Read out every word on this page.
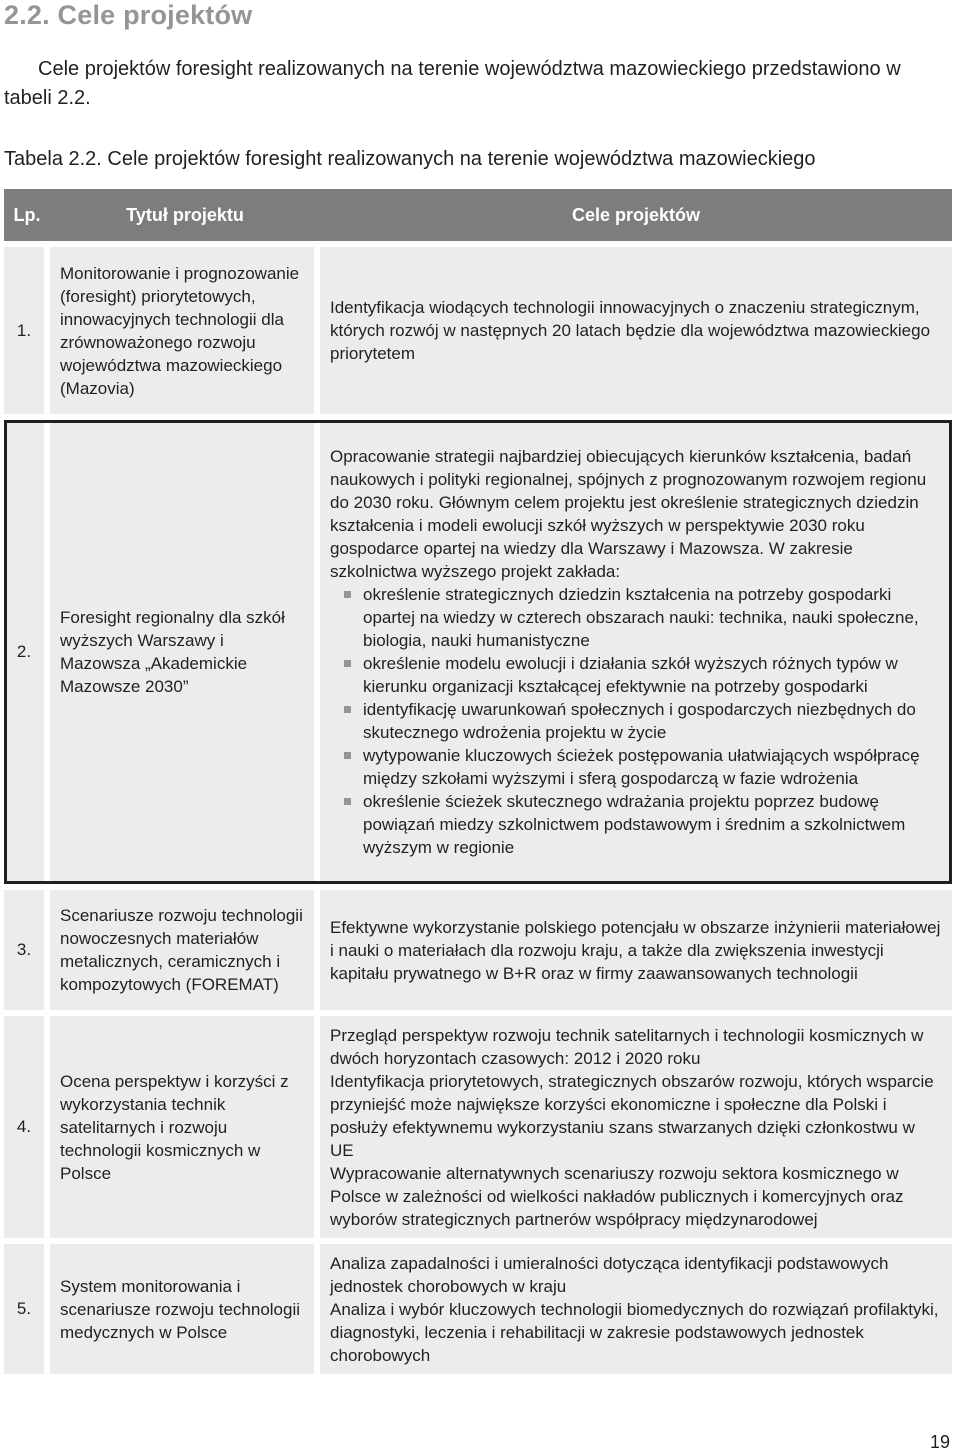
2.2. Cele projektów

Cele projektów foresight realizowanych na terenie województwa mazowieckiego przedstawiono w tabeli 2.2.

Tabela 2.2. Cele projektów foresight realizowanych na terenie województwa mazowieckiego

Lp.	Tytuł projektu	Cele projektów
1.
Monitorowanie i prognozowanie (foresight) priorytetowych, innowacyjnych technologii dla zrównoważonego rozwoju województwa mazowieckiego (Mazovia)

Identyfikacja wiodących technologii innowacyjnych o znaczeniu strategicznym, których rozwój w następnych 20 latach będzie dla województwa mazowieckiego priorytetem

2.
Foresight regionalny dla szkół wyższych Warszawy i Mazowsza „Akademickie Mazowsze 2030”

Opracowanie strategii najbardziej obiecujących kierunków kształcenia, badań naukowych i polityki regionalnej, spójnych z prognozowanym rozwojem regionu do 2030 roku. Głównym celem projektu jest określenie strategicznych dziedzin kształcenia i modeli ewolucji szkół wyższych w perspektywie 2030 roku gospodarce opartej na wiedzy dla Warszawy i Mazowsza. W zakresie szkolnictwa wyższego projekt zakłada:

określenie strategicznych dziedzin kształcenia na potrzeby gospodarki opartej na wiedzy w czterech obszarach nauki: technika, nauki społeczne, biologia, nauki humanistyczne
określenie modelu ewolucji i działania szkół wyższych różnych typów w kierunku organizacji kształcącej efektywnie na potrzeby gospodarki
identyfikację uwarunkowań społecznych i gospodarczych niezbędnych do skutecznego wdrożenia projektu w życie
wytypowanie kluczowych ścieżek postępowania ułatwiających współpracę między szkołami wyższymi i sferą gospodarczą w fazie wdrożenia
określenie ścieżek skutecznego wdrażania projektu poprzez budowę powiązań miedzy szkolnictwem podstawowym i średnim a szkolnictwem wyższym w regionie
3.
Scenariusze rozwoju technologii nowoczesnych materiałów metalicznych, ceramicznych i kompozytowych (FOREMAT)

Efektywne wykorzystanie polskiego potencjału w obszarze inżynierii materiałowej i nauki o materiałach dla rozwoju kraju, a także dla zwiększenia inwestycji kapitału prywatnego w B+R oraz w firmy zaawansowanych technologii

4.
Ocena perspektyw i korzyści z wykorzystania technik satelitarnych i rozwoju technologii kosmicznych w Polsce

Przegląd perspektyw rozwoju technik satelitarnych i technologii kosmicznych w dwóch horyzontach czasowych: 2012 i 2020 roku

Identyfikacja priorytetowych, strategicznych obszarów rozwoju, których wsparcie przyniejść może największe korzyści ekonomiczne i społeczne dla Polski i posłuży efektywnemu wykorzystaniu szans stwarzanych dzięki członkostwu w UE

Wypracowanie alternatywnych scenariuszy rozwoju sektora kosmicznego w Polsce w zależności od wielkości nakładów publicznych i komercyjnych oraz wyborów strategicznych partnerów współpracy międzynarodowej

5.
System monitorowania i scenariusze rozwoju technologii medycznych w Polsce

Analiza zapadalności i umieralności dotycząca identyfikacji podstawowych jednostek chorobowych w kraju

Analiza i wybór kluczowych technologii biomedycznych do rozwiązań profilaktyki, diagnostyki, leczenia i rehabilitacji w zakresie podstawowych jednostek chorobowych

19
